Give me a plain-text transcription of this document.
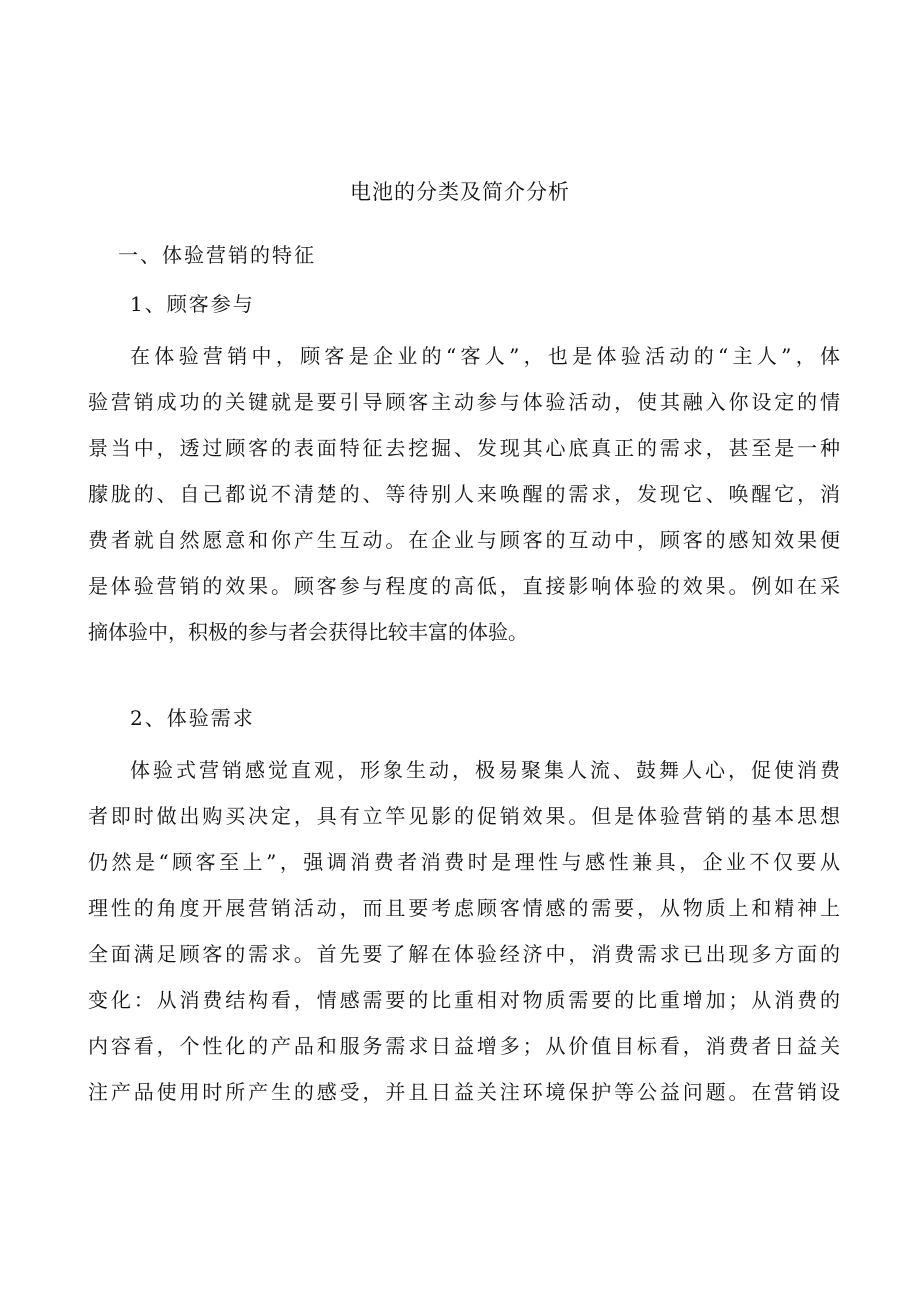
电池的分类及简介分析
一、体验营销的特征
1、顾客参与
在体验营销中，顾客是企业的“客人”，也是体验活动的“主人”，体
验营销成功的关键就是要引导顾客主动参与体验活动，使其融入你设定的情
景当中，透过顾客的表面特征去挖掘、发现其心底真正的需求，甚至是一种
朦胧的、自己都说不清楚的、等待别人来唤醒的需求，发现它、唤醒它，消
费者就自然愿意和你产生互动。在企业与顾客的互动中，顾客的感知效果便
是体验营销的效果。顾客参与程度的高低，直接影响体验的效果。例如在采
摘体验中，积极的参与者会获得比较丰富的体验。
2、体验需求
体验式营销感觉直观，形象生动，极易聚集人流、鼓舞人心，促使消费
者即时做出购买决定，具有立竿见影的促销效果。但是体验营销的基本思想
仍然是“顾客至上”，强调消费者消费时是理性与感性兼具，企业不仅要从
理性的角度开展营销活动，而且要考虑顾客情感的需要，从物质上和精神上
全面满足顾客的需求。首先要了解在体验经济中，消费需求已出现多方面的
变化：从消费结构看，情感需要的比重相对物质需要的比重增加；从消费的
内容看，个性化的产品和服务需求日益增多；从价值目标看，消费者日益关
注产品使用时所产生的感受，并且日益关注环境保护等公益问题。在营销设
